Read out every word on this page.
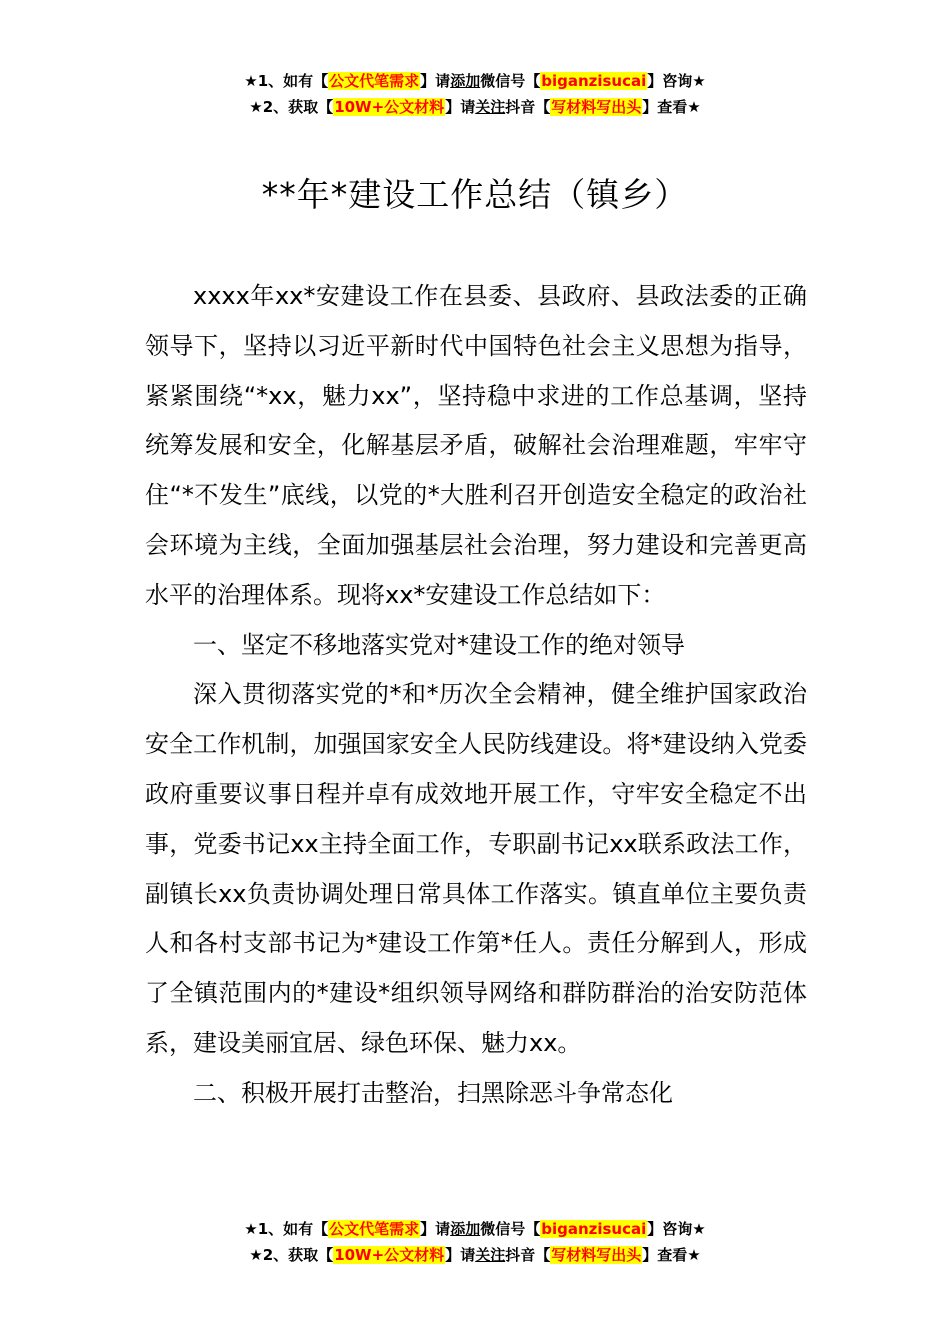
★1、如有【公文代笔需求】请添加微信号【biganzisucai】咨询★
★2、获取【10W+公文材料】请关注抖音【写材料写出头】查看★
**年*建设工作总结（镇乡）

xxxx年xx*安建设工作在县委、县政府、县政法委的正确领导下，坚持以习近平新时代中国特色社会主义思想为指导，紧紧围绕“*xx，魅力xx”，坚持稳中求进的工作总基调，坚持统筹发展和安全，化解基层矛盾，破解社会治理难题，牢牢守住“*不发生”底线，以党的*大胜利召开创造安全稳定的政治社会环境为主线，全面加强基层社会治理，努力建设和完善更高水平的治理体系。现将xx*安建设工作总结如下：

一、坚定不移地落实党对*建设工作的绝对领导

深入贯彻落实党的*和*历次全会精神，健全维护国家政治安全工作机制，加强国家安全人民防线建设。将*建设纳入党委政府重要议事日程并卓有成效地开展工作，守牢安全稳定不出事，党委书记xx主持全面工作，专职副书记xx联系政法工作，副镇长xx负责协调处理日常具体工作落实。镇直单位主要负责人和各村支部书记为*建设工作第*任人。责任分解到人，形成了全镇范围内的*建设*组织领导网络和群防群治的治安防范体系，建设美丽宜居、绿色环保、魅力xx。

二、积极开展打击整治，扫黑除恶斗争常态化

★1、如有【公文代笔需求】请添加微信号【biganzisucai】咨询★
★2、获取【10W+公文材料】请关注抖音【写材料写出头】查看★
